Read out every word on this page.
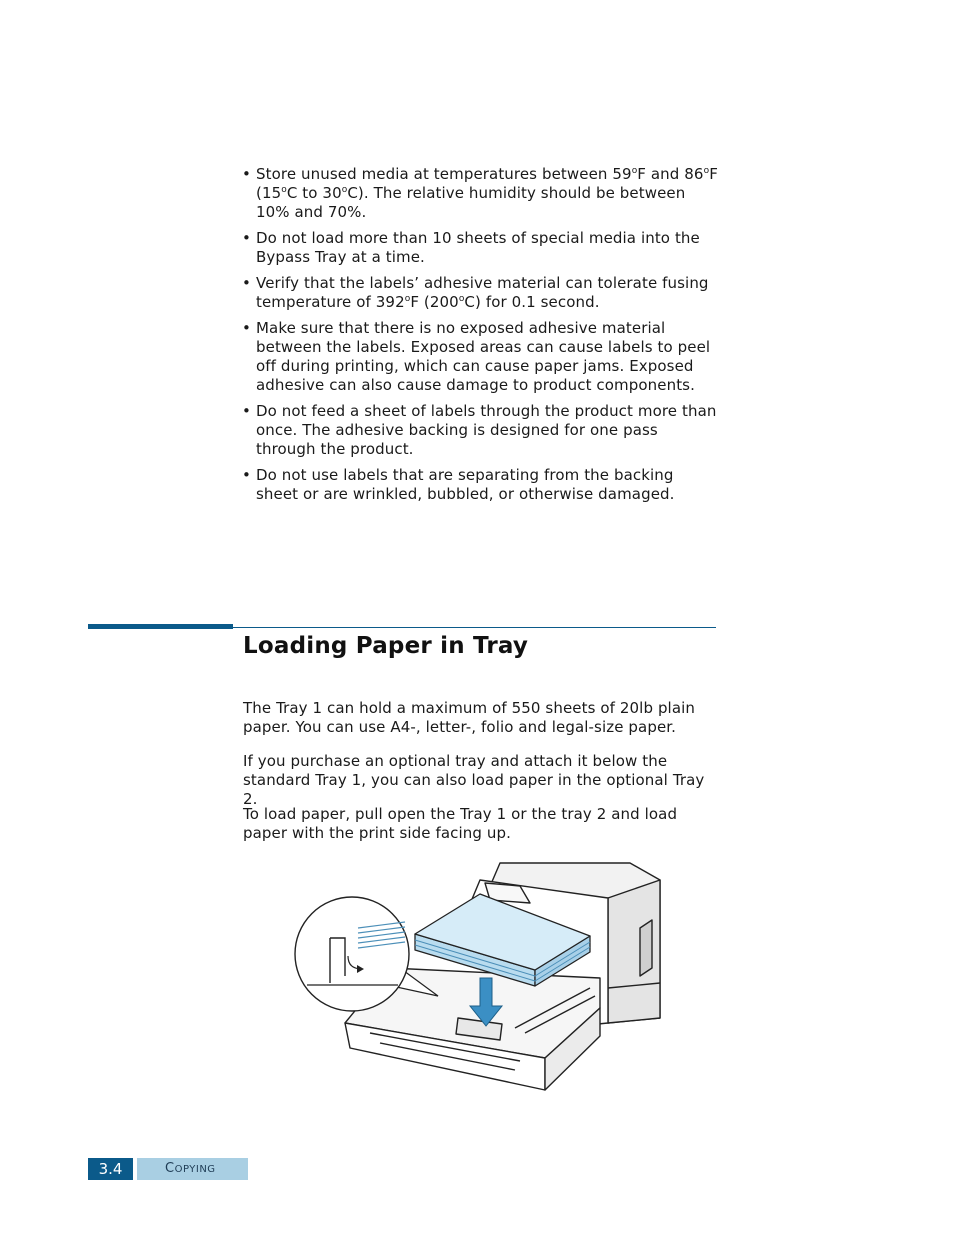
• Store unused media at temperatures between 59$^o$F and 86$^o$F (15$^o$C to 30$^o$C). The relative humidity should be between 10% and 70%.
• Do not load more than 10 sheets of special media into the Bypass Tray at a time.
• Verify that the labels’ adhesive material can tolerate fusing temperature of 392$^o$F (200$^o$C) for 0.1 second.
• Make sure that there is no exposed adhesive material between the labels. Exposed areas can cause labels to peel off during printing, which can cause paper jams. Exposed adhesive can also cause damage to product components.
• Do not feed a sheet of labels through the product more than once. The adhesive backing is designed for one pass through the product.
• Do not use labels that are separating from the backing sheet or are wrinkled, bubbled, or otherwise damaged.
Loading Paper in Tray

The Tray 1 can hold a maximum of 550 sheets of 20lb plain paper. You can use A4-, letter-, folio and legal-size paper.

If you purchase an optional tray and attach it below the standard Tray 1, you can also load paper in the optional Tray 2.

To load paper, pull open the Tray 1 or the tray 2 and load paper with the print side facing up.

3.4	COPYING
